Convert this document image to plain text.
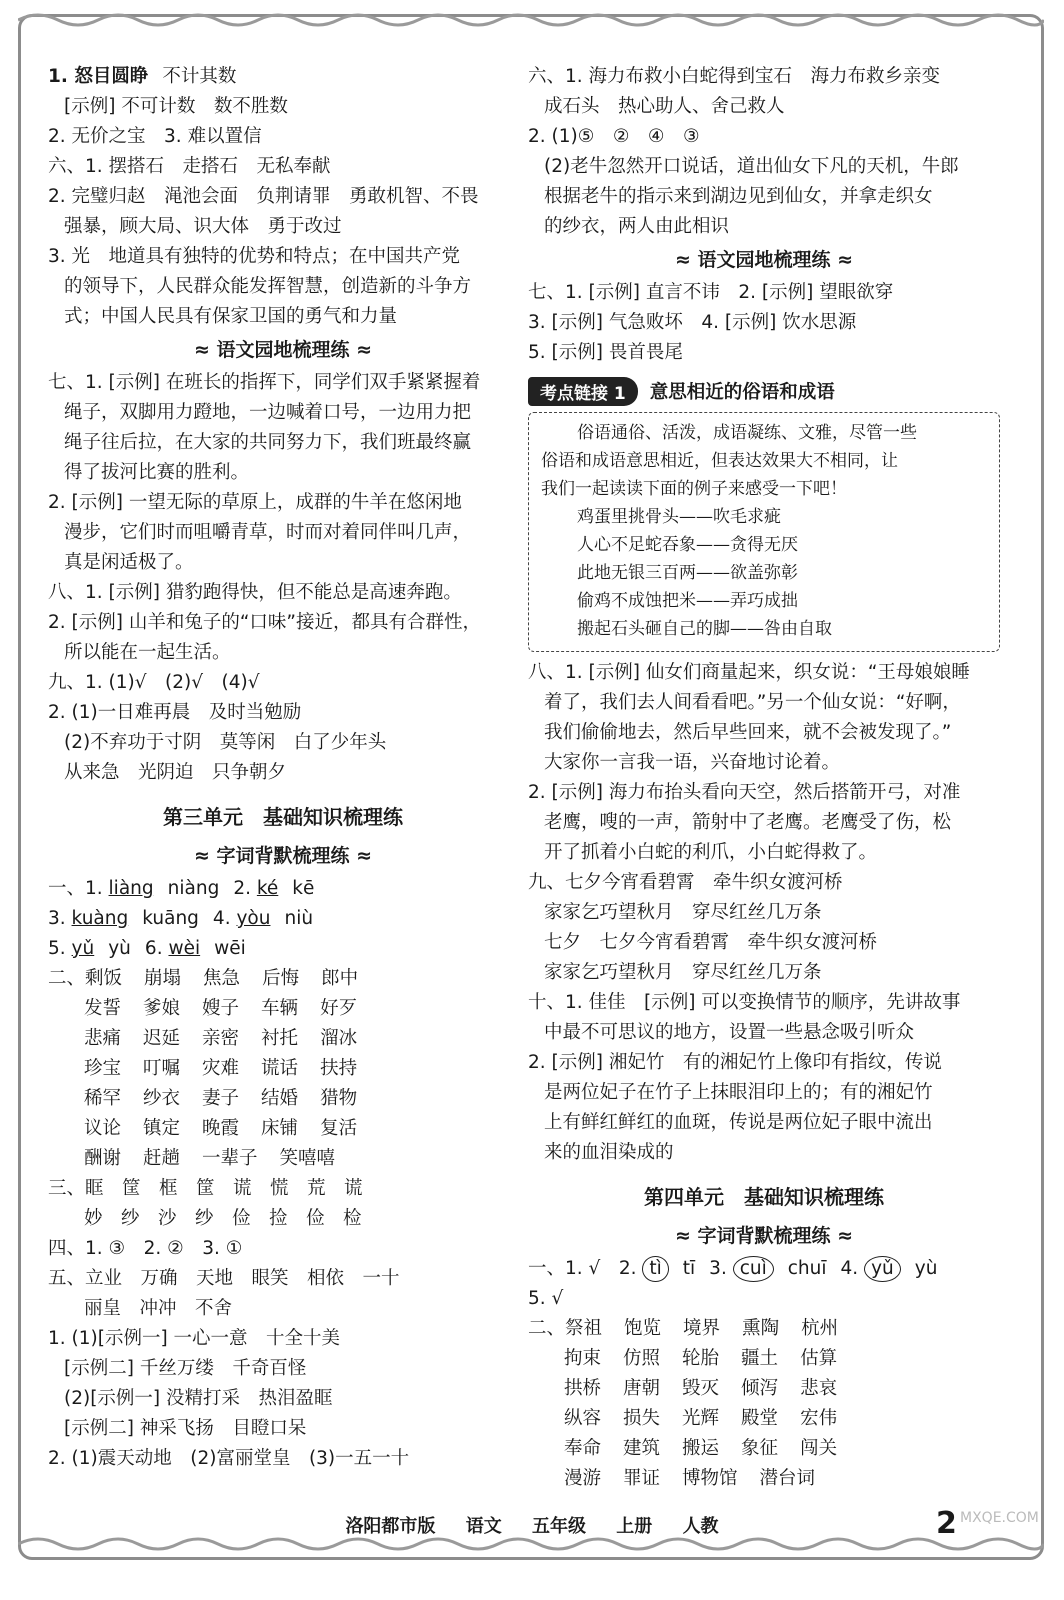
1. 怒目圆睁 不计其数
[示例] 不可计数　数不胜数
2. 无价之宝　3. 难以置信
六、1. 摆搭石　走搭石　无私奉献
2. 完璧归赵　渑池会面　负荆请罪　勇敢机智、不畏
强暴，顾大局、识大体　勇于改过
3. 光　地道具有独特的优势和特点；在中国共产党
的领导下，人民群众能发挥智慧，创造新的斗争方
式；中国人民具有保家卫国的勇气和力量
≈ 语文园地梳理练 ≈
七、1. [示例] 在班长的指挥下，同学们双手紧紧握着
绳子，双脚用力蹬地，一边喊着口号，一边用力把
绳子往后拉，在大家的共同努力下，我们班最终赢
得了拔河比赛的胜利。
2. [示例] 一望无际的草原上，成群的牛羊在悠闲地
漫步，它们时而咀嚼青草，时而对着同伴叫几声，
真是闲适极了。
八、1. [示例] 猎豹跑得快，但不能总是高速奔跑。
2. [示例] 山羊和兔子的“口味”接近，都具有合群性，
所以能在一起生活。
九、1. (1)√　(2)√　(4)√
2. (1)一日难再晨　及时当勉励
(2)不弃功于寸阴　莫等闲　白了少年头
从来急　光阴迫　只争朝夕
第三单元　基础知识梳理练
≈ 字词背默梳理练 ≈
一、1. liàng niàng 2. ké kē
3. kuàng kuāng 4. yòu niù
5. yǔ yù 6. wèi wēi
二、剩饭 崩塌 焦急 后悔 郎中
发誓 爹娘 嫂子 车辆 好歹
悲痛 迟延 亲密 衬托 溜冰
珍宝 叮嘱 灾难 谎话 扶持
稀罕 纱衣 妻子 结婚 猎物
议论 镇定 晚霞 床铺 复活
酬谢 赶趟 一辈子 笑嘻嘻
三、眶　筐　框　筐　谎　慌　荒　谎
妙　纱　沙　纱　俭　捡　俭　检
四、1. ③　2. ②　3. ①
五、立业　万确　天地　眼笑　相依　一十
丽皇　冲冲　不舍
1. (1)[示例一] 一心一意　十全十美
[示例二] 千丝万缕　千奇百怪
(2)[示例一] 没精打采　热泪盈眶
[示例二] 神采飞扬　目瞪口呆
2. (1)震天动地　(2)富丽堂皇　(3)一五一十
六、1. 海力布救小白蛇得到宝石　海力布救乡亲变
成石头　热心助人、舍己救人
2. (1)⑤　②　④　③
(2)老牛忽然开口说话，道出仙女下凡的天机，牛郎
根据老牛的指示来到湖边见到仙女，并拿走织女
的纱衣，两人由此相识
≈ 语文园地梳理练 ≈
七、1. [示例] 直言不讳　2. [示例] 望眼欲穿
3. [示例] 气急败坏　4. [示例] 饮水思源
5. [示例] 畏首畏尾
考点链接 1	意思相近的俗语和成语
俗语通俗、活泼，成语凝练、文雅，尽管一些
俗语和成语意思相近，但表达效果大不相同，让
我们一起读读下面的例子来感受一下吧！
鸡蛋里挑骨头——吹毛求疵
人心不足蛇吞象——贪得无厌
此地无银三百两——欲盖弥彰
偷鸡不成蚀把米——弄巧成拙
搬起石头砸自己的脚——咎由自取
八、1. [示例] 仙女们商量起来，织女说：“王母娘娘睡
着了，我们去人间看看吧。”另一个仙女说：“好啊，
我们偷偷地去，然后早些回来，就不会被发现了。”
大家你一言我一语，兴奋地讨论着。
2. [示例] 海力布抬头看向天空，然后搭箭开弓，对准
老鹰，嗖的一声，箭射中了老鹰。老鹰受了伤，松
开了抓着小白蛇的利爪，小白蛇得救了。
九、七夕今宵看碧霄　牵牛织女渡河桥
家家乞巧望秋月　穿尽红丝几万条
七夕　七夕今宵看碧霄　牵牛织女渡河桥
家家乞巧望秋月　穿尽红丝几万条
十、1. 佳佳　[示例] 可以变换情节的顺序，先讲故事
中最不可思议的地方，设置一些悬念吸引听众
2. [示例] 湘妃竹　有的湘妃竹上像印有指纹，传说
是两位妃子在竹子上抹眼泪印上的；有的湘妃竹
上有鲜红鲜红的血斑，传说是两位妃子眼中流出
来的血泪染成的
第四单元　基础知识梳理练
≈ 字词背默梳理练 ≈
一、1. √　2. tì tī 3. cuì chuī 4. yǔ yù
5. √
二、祭祖 饱览 境界 熏陶 杭州
拘束 仿照 轮胎 疆土 估算
拱桥 唐朝 毁灭 倾泻 悲哀
纵容 损失 光辉 殿堂 宏伟
奉命 建筑 搬运 象征 闯关
漫游 罪证 博物馆 潜台词
洛阳都市版 语文 五年级 上册 人教	2 MXQE.COM
